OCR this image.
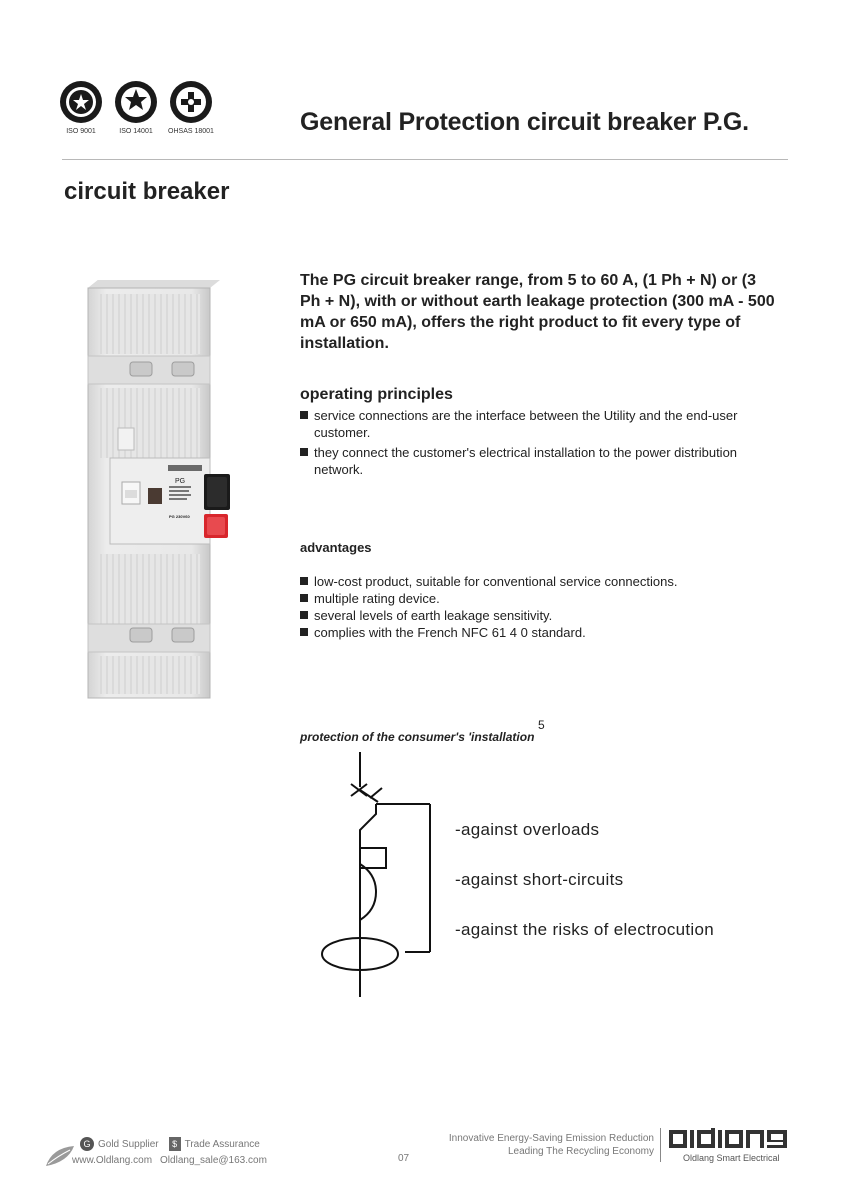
ISO 9001	ISO 14001	OHSAS 18001	General Protection circuit breaker P.G.
circuit breaker
PG
PG 230V60
The PG circuit breaker range, from 5 to 60 A, (1 Ph + N) or (3 Ph + N), with or without earth leakage protection (300 mA - 500 mA or 650 mA), offers the right product to fit every type of installation.
operating principles
service connections are the interface between the Utility and the end-user customer.
they connect the customer's electrical installation to the power distribution network.
advantages
low-cost product, suitable for conventional service connections.
multiple rating device.
several levels of earth leakage sensitivity.
complies with the French NFC 61 4 0 standard.
protection of the consumer's 'installation
5
-against overloads
-against short-circuits
-against the risks of electrocution
G Gold Supplier	$ Trade Assurance
www.Oldlang.com Oldlang_sale@163.com	07
Innovative Energy-Saving Emission Reduction
Leading The Recycling Economy
Oldlang Smart Electrical
